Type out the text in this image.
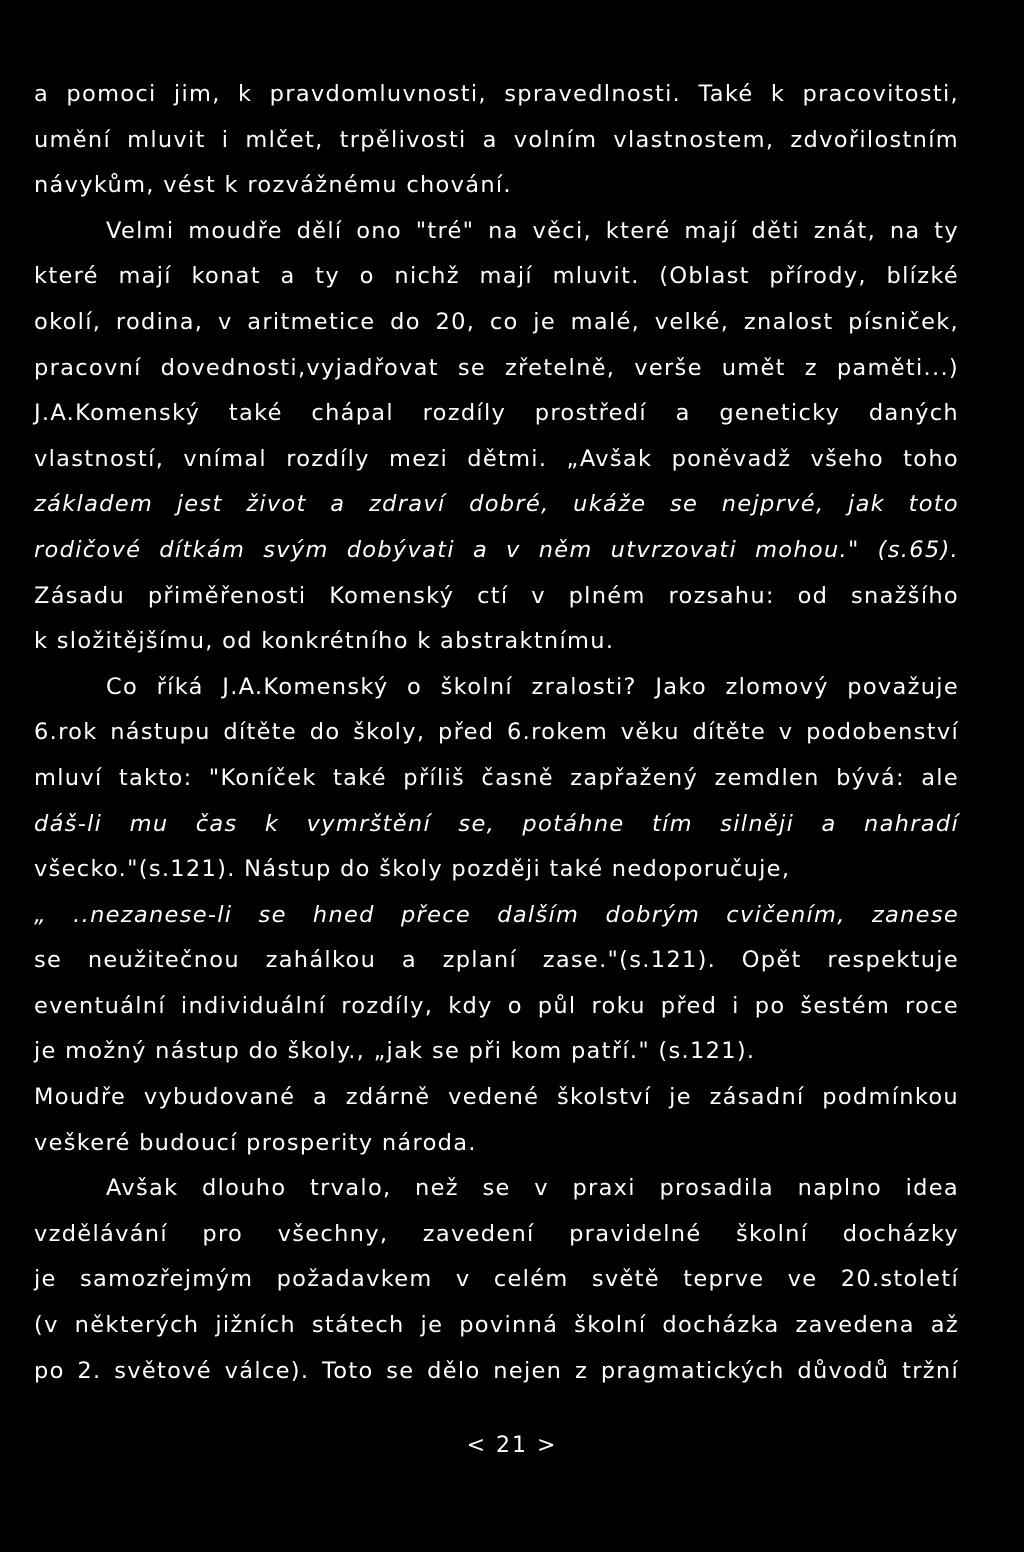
a pomoci jim, k pravdomluvnosti, spravedlnosti. Také k pracovitosti,
umění mluvit i mlčet, trpělivosti a volním vlastnostem, zdvořilostním
návykům, vést k rozvážnému chování.
Velmi moudře dělí ono "tré" na věci, které mají děti znát, na ty
které mají konat a ty o nichž mají mluvit. (Oblast přírody, blízké
okolí, rodina, v aritmetice do 20, co je malé, velké, znalost písniček,
pracovní dovednosti,vyjadřovat se zřetelně, verše umět z paměti...)
J.A.Komenský také chápal rozdíly prostředí a geneticky daných
vlastností, vnímal rozdíly mezi dětmi. „Avšak poněvadž všeho toho
základem jest život a zdraví dobré, ukáže se nejprvé, jak toto
rodičové dítkám svým dobývati a v něm utvrzovati mohou." (s.65).
Zásadu přiměřenosti Komenský ctí v plném rozsahu: od snažšího
k složitějšímu, od konkrétního k abstraktnímu.
Co říká J.A.Komenský o školní zralosti? Jako zlomový považuje
6.rok nástupu dítěte do školy, před 6.rokem věku dítěte v podobenství
mluví takto: "Koníček také příliš časně zapřažený zemdlen bývá: ale
dáš-li mu čas k vymrštění se, potáhne tím silněji a nahradí
všecko."(s.121). Nástup do školy později také nedoporučuje,
„ ..nezanese-li se hned přece dalším dobrým cvičením, zanese
se neužitečnou zahálkou a zplaní zase."(s.121). Opět respektuje
eventuální individuální rozdíly, kdy o půl roku před i po šestém roce
je možný nástup do školy., „jak se při kom patří." (s.121).
Moudře vybudované a zdárně vedené školství je zásadní podmínkou
veškeré budoucí prosperity národa.
Avšak dlouho trvalo, než se v praxi prosadila naplno idea
vzdělávání pro všechny, zavedení pravidelné školní docházky
je samozřejmým požadavkem v celém světě teprve ve 20.století
(v některých jižních státech je povinná školní docházka zavedena až
po 2. světové válce). Toto se dělo nejen z pragmatických důvodů tržní
< 21 >
